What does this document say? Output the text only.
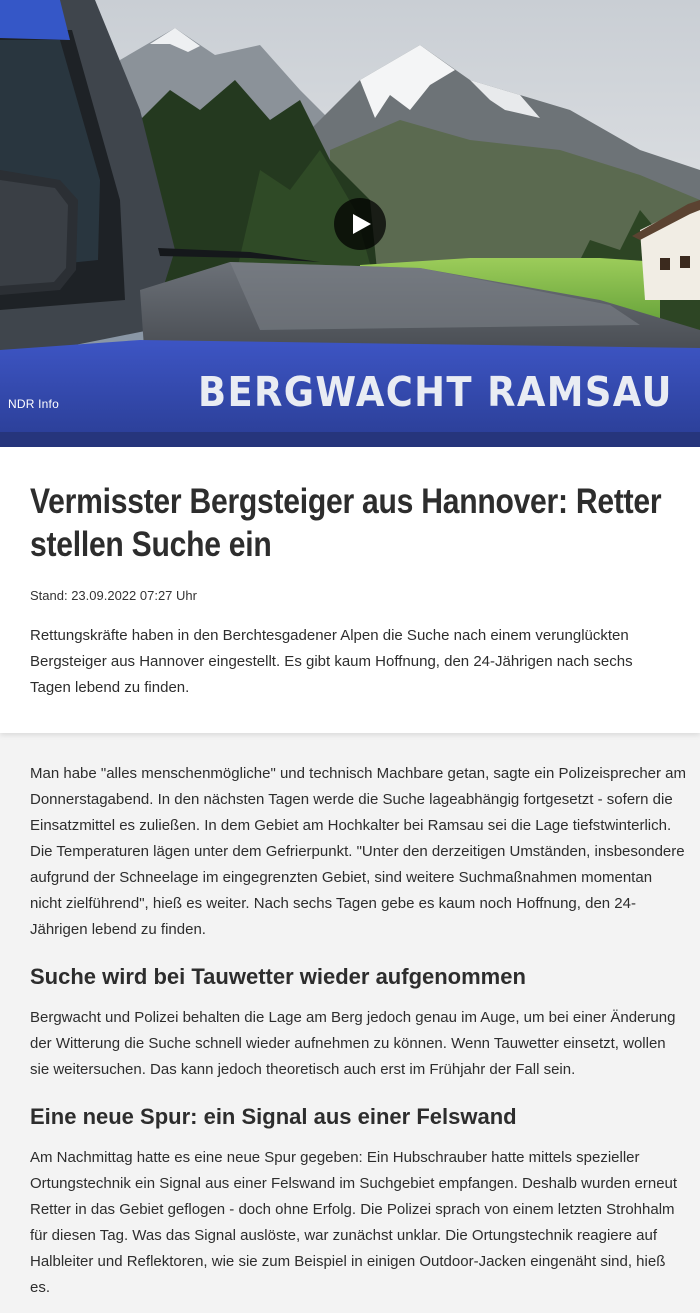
BERGWACHT RAMSAU
NDR Info
Vermisster Bergsteiger aus Hannover: Retter stellen Suche ein
Stand: 23.09.2022 07:27 Uhr

Rettungskräfte haben in den Berchtesgadener Alpen die Suche nach einem verunglückten Bergsteiger aus Hannover eingestellt. Es gibt kaum Hoffnung, den 24-Jährigen nach sechs Tagen lebend zu finden.

Man habe "alles menschenmögliche" und technisch Machbare getan, sagte ein Polizeisprecher am Donnerstagabend. In den nächsten Tagen werde die Suche lageabhängig fortgesetzt - sofern die Einsatzmittel es zuließen. In dem Gebiet am Hochkalter bei Ramsau sei die Lage tiefstwinterlich. Die Temperaturen lägen unter dem Gefrierpunkt. "Unter den derzeitigen Umständen, insbesondere aufgrund der Schneelage im eingegrenzten Gebiet, sind weitere Suchmaßnahmen momentan nicht zielführend", hieß es weiter. Nach sechs Tagen gebe es kaum noch Hoffnung, den 24-Jährigen lebend zu finden.

Suche wird bei Tauwetter wieder aufgenommen

Bergwacht und Polizei behalten die Lage am Berg jedoch genau im Auge, um bei einer Änderung der Witterung die Suche schnell wieder aufnehmen zu können. Wenn Tauwetter einsetzt, wollen sie weitersuchen. Das kann jedoch theoretisch auch erst im Frühjahr der Fall sein.

Eine neue Spur: ein Signal aus einer Felswand

Am Nachmittag hatte es eine neue Spur gegeben: Ein Hubschrauber hatte mittels spezieller Ortungstechnik ein Signal aus einer Felswand im Suchgebiet empfangen. Deshalb wurden erneut Retter in das Gebiet geflogen - doch ohne Erfolg. Die Polizei sprach von einem letzten Strohhalm für diesen Tag. Was das Signal auslöste, war zunächst unklar. Die Ortungstechnik reagiere auf Halbleiter und Reflektoren, wie sie zum Beispiel in einigen Outdoor-Jacken eingenäht sind, hieß es.
